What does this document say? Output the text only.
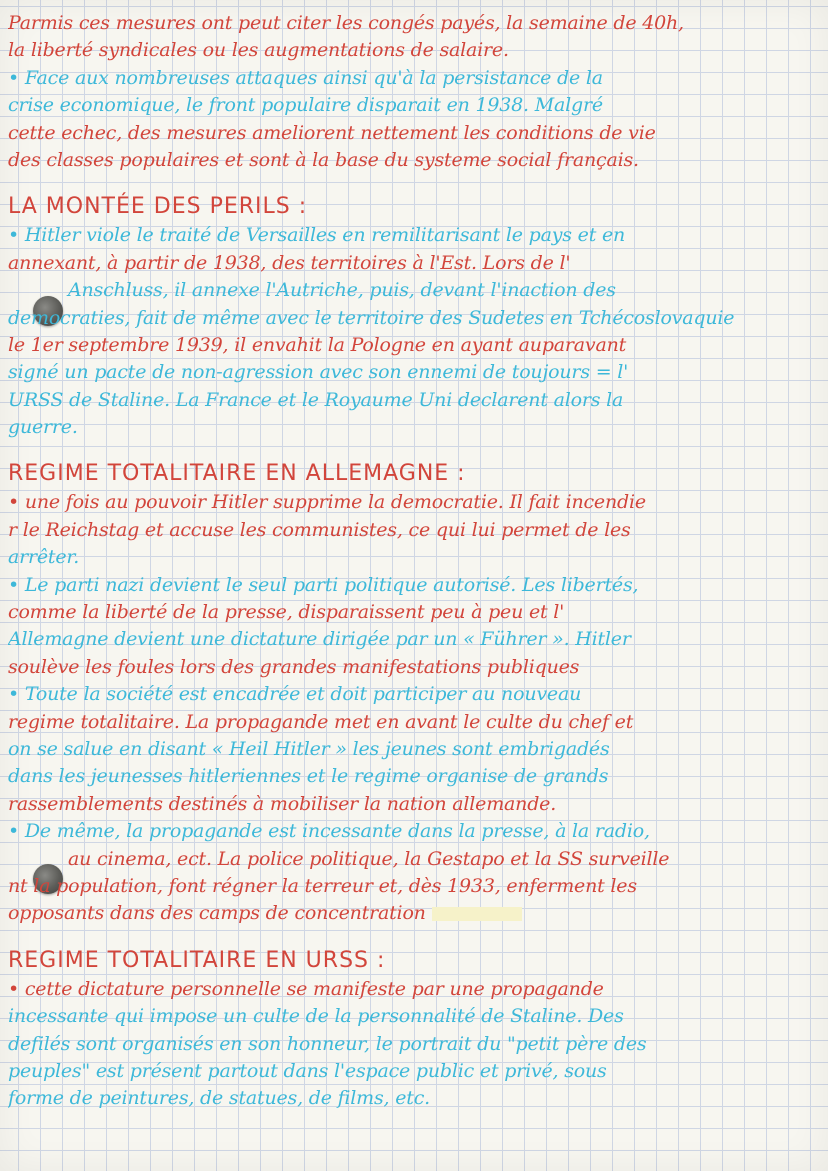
Parmis ces mesures ont peut citer les congés payés, la semaine de 40h,
la liberté syndicales ou les augmentations de salaire.
• Face aux nombreuses attaques ainsi qu'à la persistance de la
crise economique, le front populaire disparait en 1938. Malgré
cette echec, des mesures ameliorent nettement les conditions de vie
des classes populaires et sont à la base du systeme social français.
LA MONTÉE DES PERILS :
• Hitler viole le traité de Versailles en remilitarisant le pays et en
annexant, à partir de 1938, des territoires à l'Est. Lors de l'
Anschluss, il annexe l'Autriche, puis, devant l'inaction des
democraties, fait de même avec le territoire des Sudetes en Tchécoslovaquie
le 1er septembre 1939, il envahit la Pologne en ayant auparavant
signé un pacte de non-agression avec son ennemi de toujours = l'
URSS de Staline. La France et le Royaume Uni declarent alors la
guerre.
REGIME TOTALITAIRE EN ALLEMAGNE :
• une fois au pouvoir Hitler supprime la democratie. Il fait incendie
r le Reichstag et accuse les communistes, ce qui lui permet de les
arrêter.
• Le parti nazi devient le seul parti politique autorisé. Les libertés,
comme la liberté de la presse, disparaissent peu à peu et l'
Allemagne devient une dictature dirigée par un « Führer ». Hitler
soulève les foules lors des grandes manifestations publiques
• Toute la société est encadrée et doit participer au nouveau
regime totalitaire. La propagande met en avant le culte du chef et
on se salue en disant « Heil Hitler » les jeunes sont embrigadés
dans les jeunesses hitleriennes et le regime organise de grands
rassemblements destinés à mobiliser la nation allemande.
• De même, la propagande est incessante dans la presse, à la radio,
au cinema, ect. La police politique, la Gestapo et la SS surveille
nt la population, font régner la terreur et, dès 1933, enferment les
opposants dans des camps de concentration
REGIME TOTALITAIRE EN URSS :
• cette dictature personnelle se manifeste par une propagande
incessante qui impose un culte de la personnalité de Staline. Des
defilés sont organisés en son honneur, le portrait du "petit père des
peuples" est présent partout dans l'espace public et privé, sous
forme de peintures, de statues, de films, etc.
